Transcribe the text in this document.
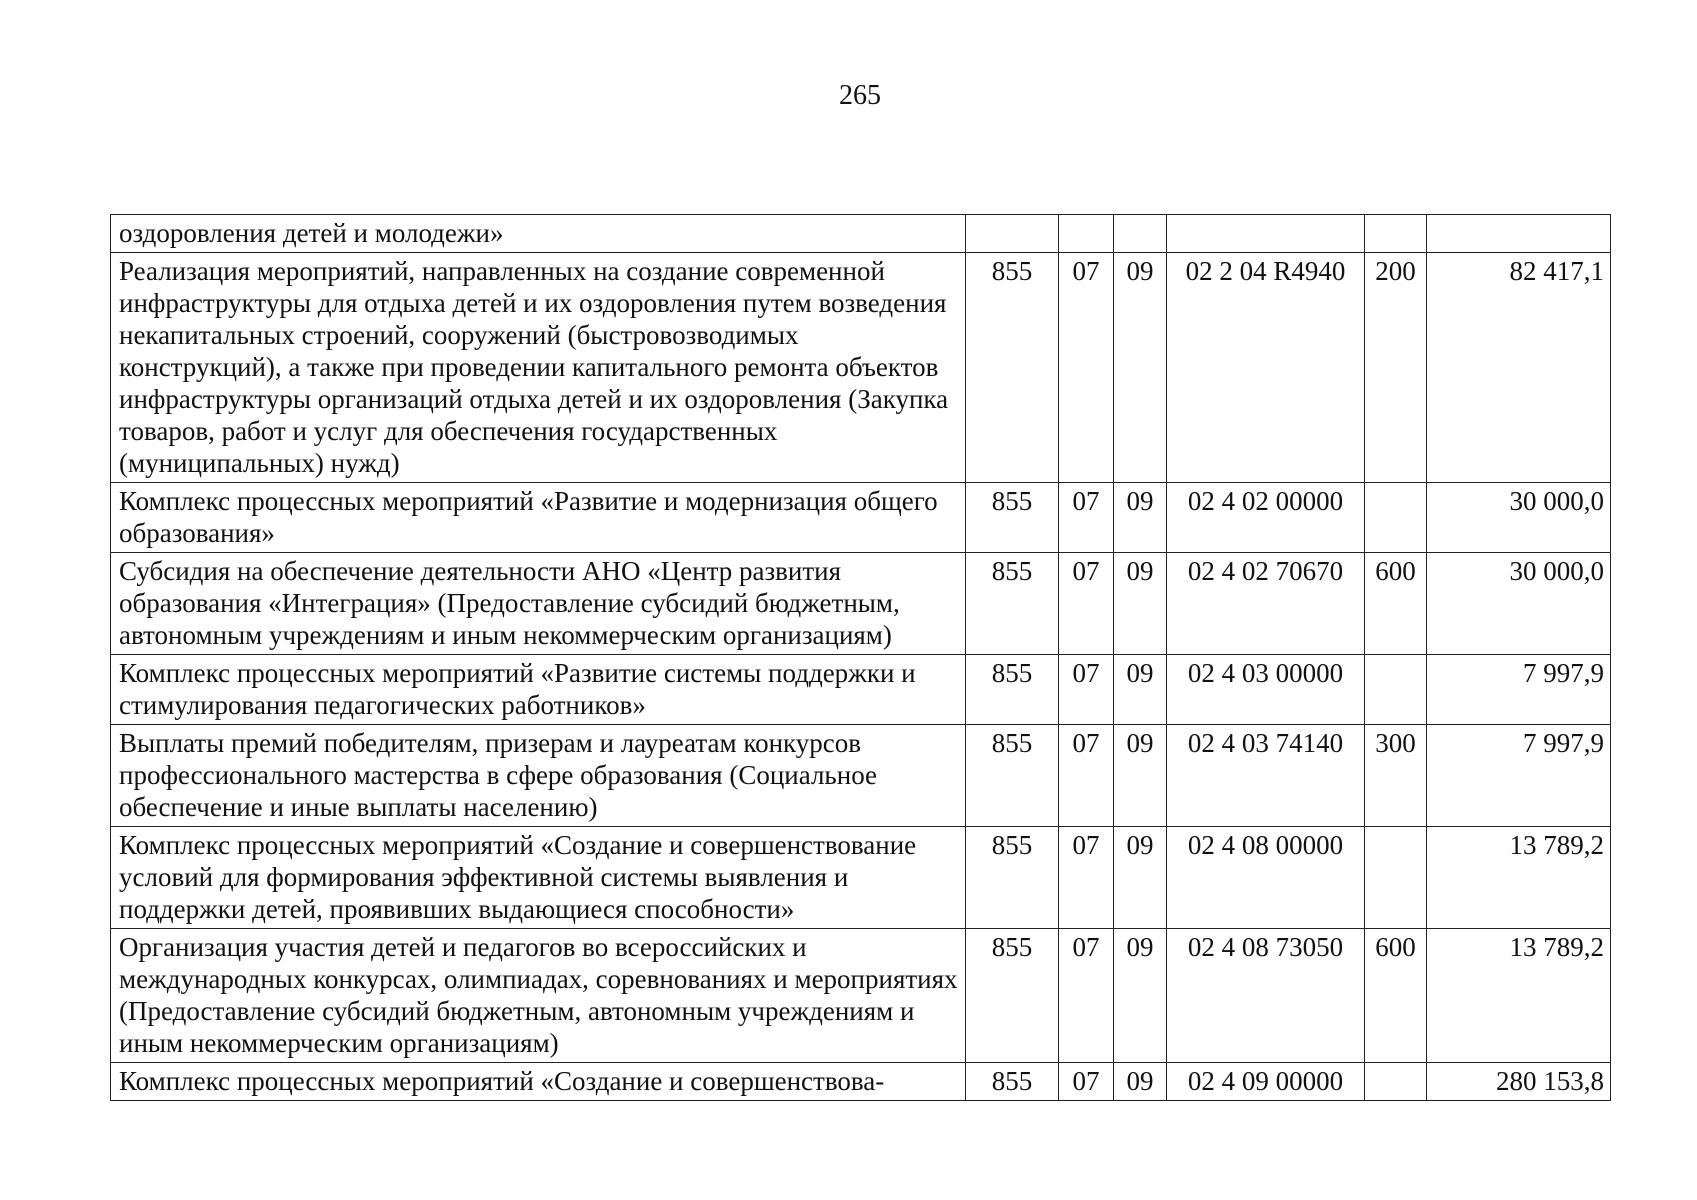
265
оздоровления детей и молодежи»						
Реализация мероприятий, направленных на создание современной инфраструктуры для отдыха детей и их оздоровления путем возведения некапитальных строений, сооружений (быстровозводимых конструкций), а также при проведении капитального ремонта объектов инфраструктуры организаций отдыха детей и их оздоровления (Закупка товаров, работ и услуг для обеспечения государственных (муниципальных) нужд)	855	07	09	02 2 04 R4940	200	82 417,1
Комплекс процессных мероприятий «Развитие и модернизация общего образования»	855	07	09	02 4 02 00000		30 000,0
Субсидия на обеспечение деятельности АНО «Центр развития образования «Интеграция» (Предоставление субсидий бюджетным, автономным учреждениям и иным некоммерческим организациям)	855	07	09	02 4 02 70670	600	30 000,0
Комплекс процессных мероприятий «Развитие системы поддержки и стимулирования педагогических работников»	855	07	09	02 4 03 00000		7 997,9
Выплаты премий победителям, призерам и лауреатам конкурсов профессионального мастерства в сфере образования (Социальное обеспечение и иные выплаты населению)	855	07	09	02 4 03 74140	300	7 997,9
Комплекс процессных мероприятий «Создание и совершенствование условий для формирования эффективной системы выявления и поддержки детей, проявивших выдающиеся способности»	855	07	09	02 4 08 00000		13 789,2
Организация участия детей и педагогов во всероссийских и международных конкурсах, олимпиадах, соревнованиях и мероприятиях (Предоставление субсидий бюджетным, автономным учреждениям и иным некоммерческим организациям)	855	07	09	02 4 08 73050	600	13 789,2
Комплекс процессных мероприятий «Создание и совершенствова-	855	07	09	02 4 09 00000		280 153,8
